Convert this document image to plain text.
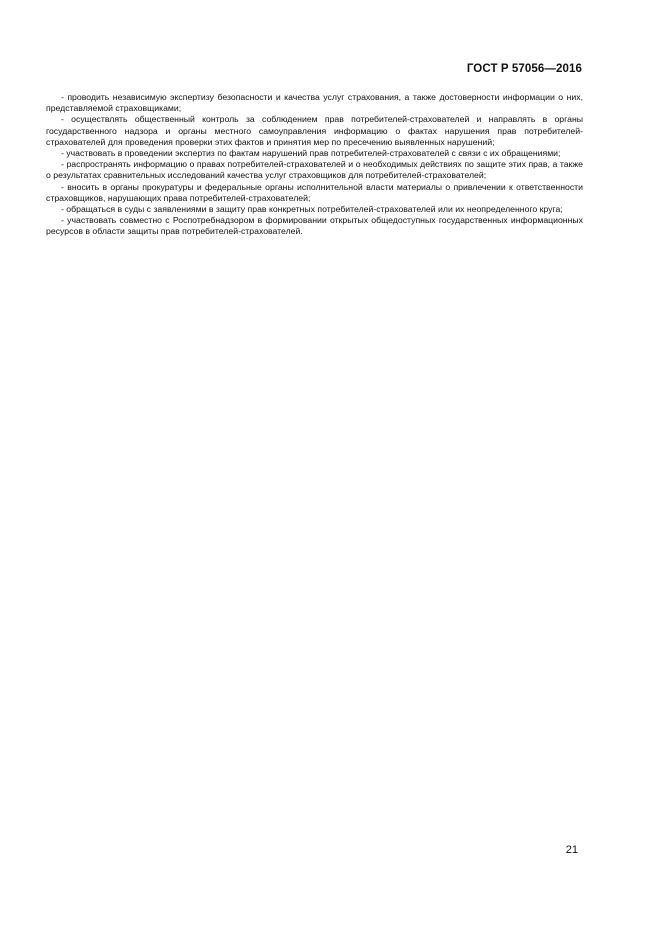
ГОСТ Р 57056—2016

- проводить независимую экспертизу безопасности и качества услуг страхования, а также достоверности информации о них, представляемой страховщиками;

- осуществлять общественный контроль за соблюдением прав потребителей-страхователей и направлять в органы государственного надзора и органы местного самоуправления информацию о фактах нарушения прав потребителей-страхователей для проведения проверки этих фактов и принятия мер по пресечению выявленных нарушений;

- участвовать в проведении экспертиз по фактам нарушений прав потребителей-страхователей с связи с их обращениями;

- распространять информацию о правах потребителей-страхователей и о необходимых действиях по защите этих прав, а также о результатах сравнительных исследований качества услуг страховщиков для потребителей-страхователей;

- вносить в органы прокуратуры и федеральные органы исполнительной власти материалы о привлечении к ответственности страховщиков, нарушающих права потребителей-страхователей;

- обращаться в суды с заявлениями в защиту прав конкретных потребителей-страхователей или их неопределенного круга;

- участвовать совместно с Роспотребнадзором в формировании открытых общедоступных государственных информационных ресурсов в области защиты прав потребителей-страхователей.

21
